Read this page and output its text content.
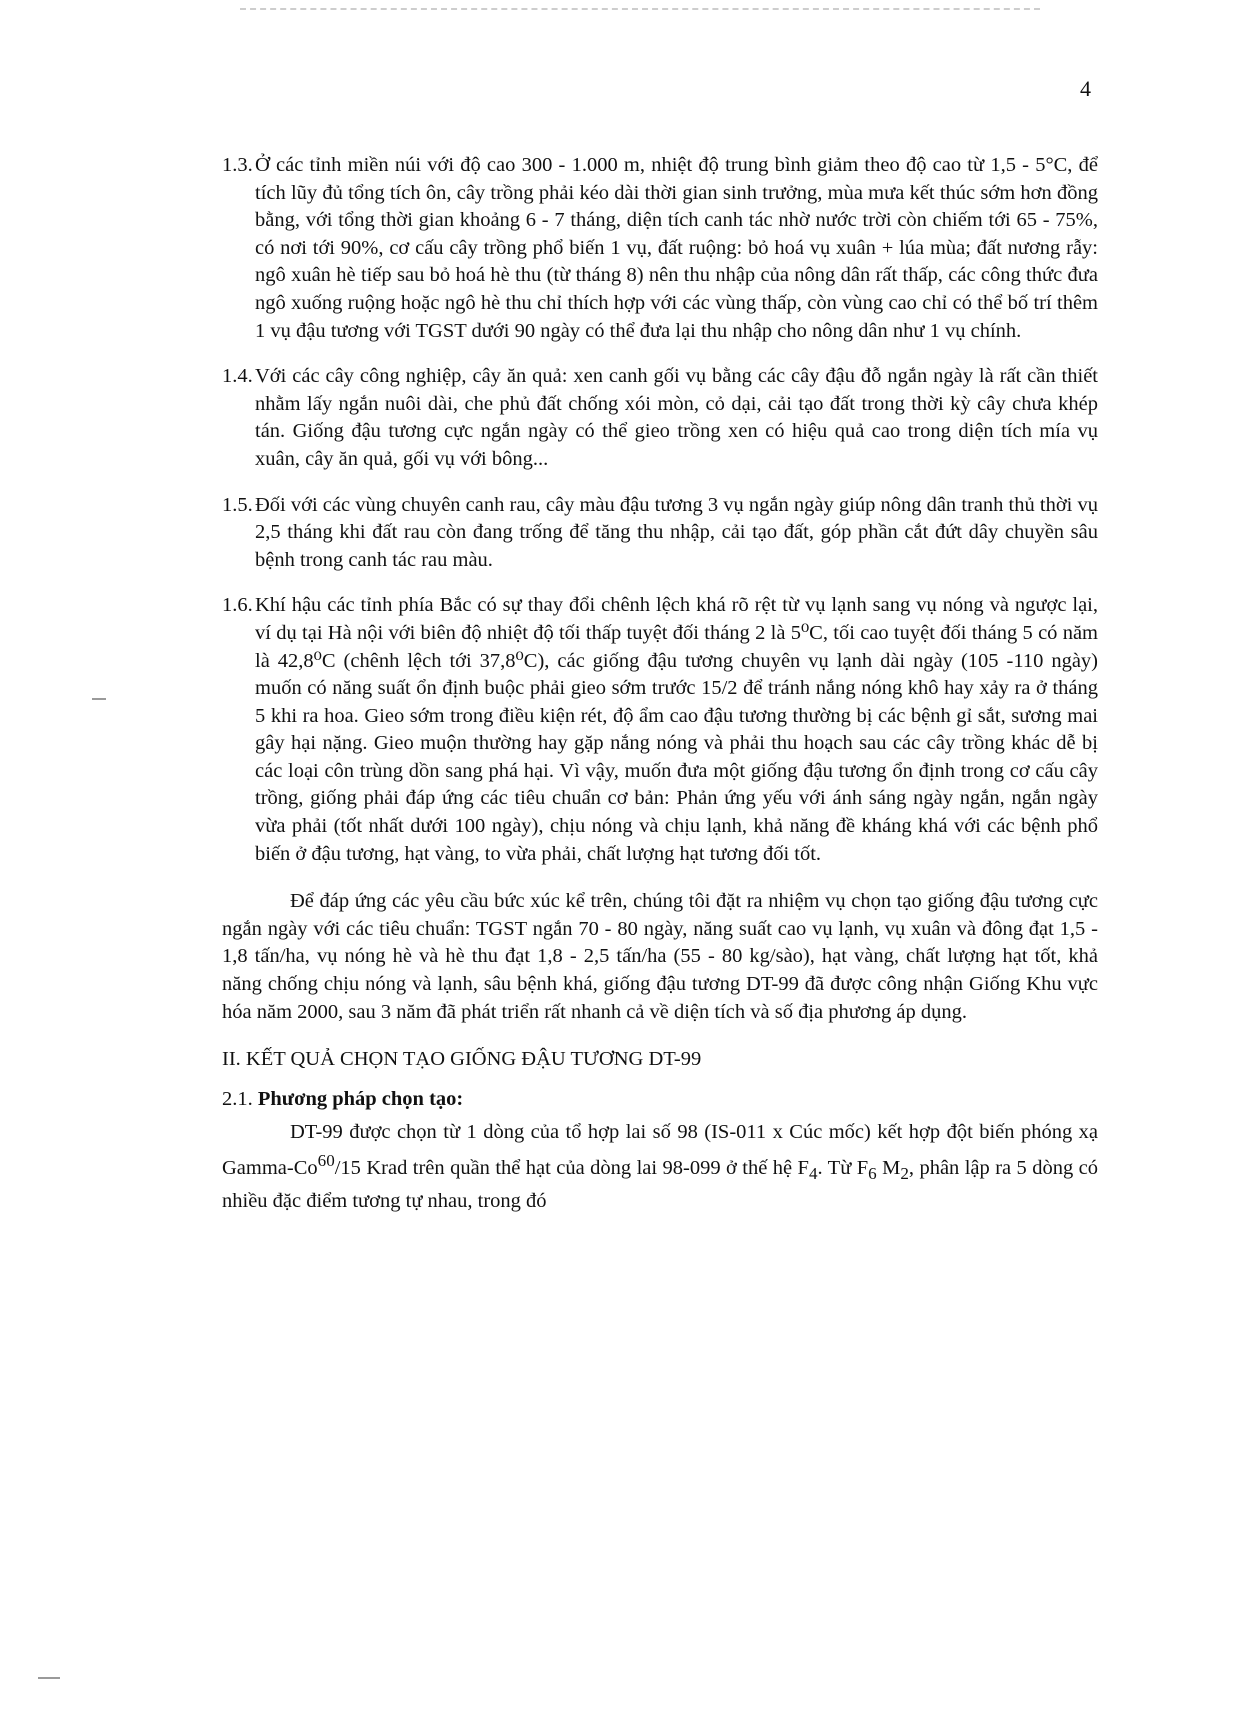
4
1.3. Ở các tỉnh miền núi với độ cao 300 - 1.000 m, nhiệt độ trung bình giảm theo độ cao từ 1,5 - 5°C, để tích lũy đủ tổng tích ôn, cây trồng phải kéo dài thời gian sinh trưởng, mùa mưa kết thúc sớm hơn đồng bằng, với tổng thời gian khoảng 6 - 7 tháng, diện tích canh tác nhờ nước trời còn chiếm tới 65 - 75%, có nơi tới 90%, cơ cấu cây trồng phổ biến 1 vụ, đất ruộng: bỏ hoá vụ xuân + lúa mùa; đất nương rẫy: ngô xuân hè tiếp sau bỏ hoá hè thu (từ tháng 8) nên thu nhập của nông dân rất thấp, các công thức đưa ngô xuống ruộng hoặc ngô hè thu chỉ thích hợp với các vùng thấp, còn vùng cao chỉ có thể bố trí thêm 1 vụ đậu tương với TGST dưới 90 ngày có thể đưa lại thu nhập cho nông dân như 1 vụ chính.
1.4. Với các cây công nghiệp, cây ăn quả: xen canh gối vụ bằng các cây đậu đỗ ngắn ngày là rất cần thiết nhằm lấy ngắn nuôi dài, che phủ đất chống xói mòn, cỏ dại, cải tạo đất trong thời kỳ cây chưa khép tán. Giống đậu tương cực ngắn ngày có thể gieo trồng xen có hiệu quả cao trong diện tích mía vụ xuân, cây ăn quả, gối vụ với bông...
1.5. Đối với các vùng chuyên canh rau, cây màu đậu tương 3 vụ ngắn ngày giúp nông dân tranh thủ thời vụ 2,5 tháng khi đất rau còn đang trống để tăng thu nhập, cải tạo đất, góp phần cắt đứt dây chuyền sâu bệnh trong canh tác rau màu.
1.6. Khí hậu các tỉnh phía Bắc có sự thay đổi chênh lệch khá rõ rệt từ vụ lạnh sang vụ nóng và ngược lại, ví dụ tại Hà nội với biên độ nhiệt độ tối thấp tuyệt đối tháng 2 là 5⁰C, tối cao tuyệt đối tháng 5 có năm là 42,8⁰C (chênh lệch tới 37,8⁰C), các giống đậu tương chuyên vụ lạnh dài ngày (105 -110 ngày) muốn có năng suất ổn định buộc phải gieo sớm trước 15/2 để tránh nắng nóng khô hay xảy ra ở tháng 5 khi ra hoa. Gieo sớm trong điều kiện rét, độ ẩm cao đậu tương thường bị các bệnh gỉ sắt, sương mai gây hại nặng. Gieo muộn thường hay gặp nắng nóng và phải thu hoạch sau các cây trồng khác dễ bị các loại côn trùng dồn sang phá hại. Vì vậy, muốn đưa một giống đậu tương ổn định trong cơ cấu cây trồng, giống phải đáp ứng các tiêu chuẩn cơ bản: Phản ứng yếu với ánh sáng ngày ngắn, ngắn ngày vừa phải (tốt nhất dưới 100 ngày), chịu nóng và chịu lạnh, khả năng đề kháng khá với các bệnh phổ biến ở đậu tương, hạt vàng, to vừa phải, chất lượng hạt tương đối tốt.

Để đáp ứng các yêu cầu bức xúc kể trên, chúng tôi đặt ra nhiệm vụ chọn tạo giống đậu tương cực ngắn ngày với các tiêu chuẩn: TGST ngắn 70 - 80 ngày, năng suất cao vụ lạnh, vụ xuân và đông đạt 1,5 - 1,8 tấn/ha, vụ nóng hè và hè thu đạt 1,8 - 2,5 tấn/ha (55 - 80 kg/sào), hạt vàng, chất lượng hạt tốt, khả năng chống chịu nóng và lạnh, sâu bệnh khá, giống đậu tương DT-99 đã được công nhận Giống Khu vực hóa năm 2000, sau 3 năm đã phát triển rất nhanh cả về diện tích và số địa phương áp dụng.

II. KẾT QUẢ CHỌN TẠO GIỐNG ĐẬU TƯƠNG DT-99

2.1. Phương pháp chọn tạo:

DT-99 được chọn từ 1 dòng của tổ hợp lai số 98 (IS-011 x Cúc mốc) kết hợp đột biến phóng xạ Gamma-Co$^{60}$/15 Krad trên quần thể hạt của dòng lai 98-099 ở thế hệ $F_4$. Từ $F_6$ $M_2$, phân lập ra 5 dòng có nhiều đặc điểm tương tự nhau, trong đó
